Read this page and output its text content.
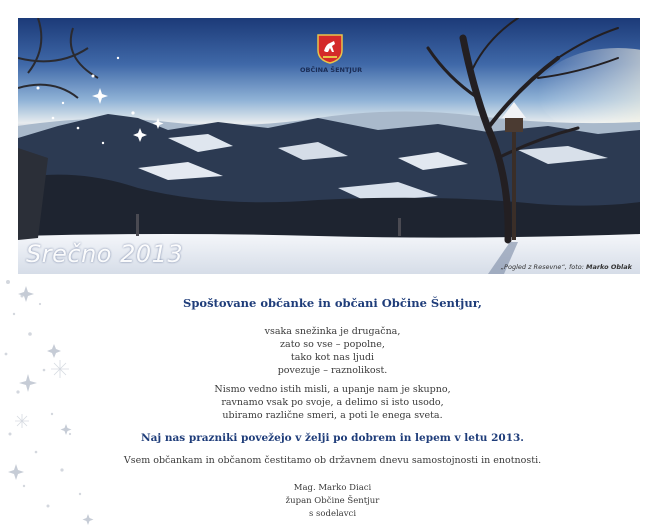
OBČINA ŠENTJUR
Srečno 2013	„Pogled z Resevne“, foto: Marko Oblak
Spoštovane občanke in občani Občine Šentjur,
vsaka snežinka je drugačna,
zato so vse – popolne,
tako kot nas ljudi
povezuje – raznolikost.
Nismo vedno istih misli, a upanje nam je skupno,
ravnamo vsak po svoje, a delimo si isto usodo,
ubiramo različne smeri, a poti le enega sveta.
Naj nas prazniki povežejo v želji po dobrem in lepem v letu 2013.
Vsem občankam in občanom čestitamo ob državnem dnevu samostojnosti in enotnosti.
Mag. Marko Diaci
župan Občine Šentjur
s sodelavci
